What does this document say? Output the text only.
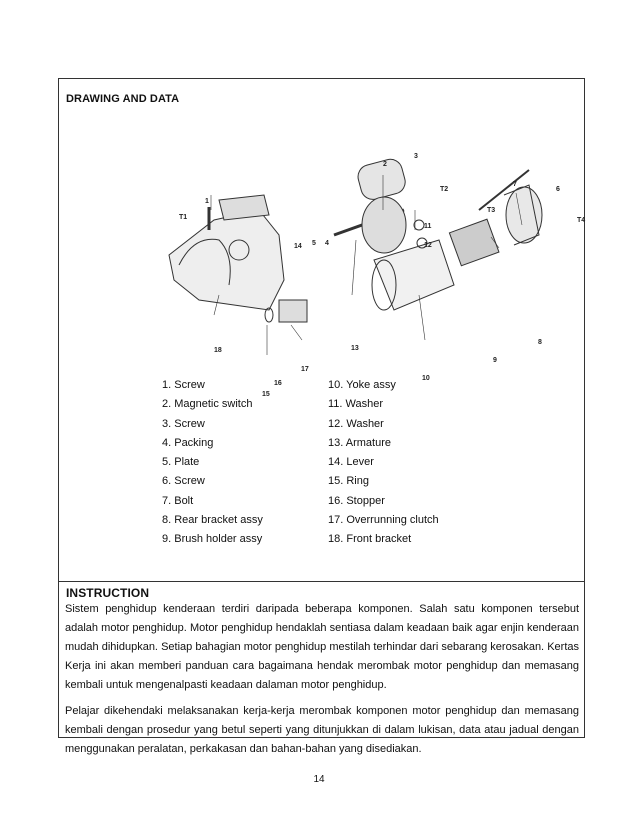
DRAWING AND DATA
1
T1
2
3
T2
7
6
T3
T4
11
14 5 4
8
12
9
13
18
16
17
15
10
1. Screw	10. Yoke assy
2. Magnetic switch	11. Washer
3. Screw	12. Washer
4. Packing	13. Armature
5. Plate	14. Lever
6. Screw	15. Ring
7. Bolt	16. Stopper
8. Rear bracket assy	17. Overrunning clutch
9. Brush holder assy	18. Front bracket
INSTRUCTION

Sistem penghidup kenderaan terdiri daripada beberapa komponen. Salah satu komponen tersebut adalah motor penghidup. Motor penghidup hendaklah sentiasa dalam keadaan baik agar enjin kenderaan mudah dihidupkan. Setiap bahagian motor penghidup mestilah terhindar dari sebarang kerosakan. Kertas Kerja ini akan memberi panduan cara bagaimana hendak merombak motor penghidup dan memasang kembali untuk mengenalpasti keadaan dalaman motor penghidup.

Pelajar dikehendaki melaksanakan kerja-kerja merombak komponen motor penghidup dan memasang kembali dengan prosedur yang betul seperti yang ditunjukkan di dalam lukisan, data atau jadual dengan menggunakan peralatan, perkakasan dan bahan-bahan yang disediakan.

14
